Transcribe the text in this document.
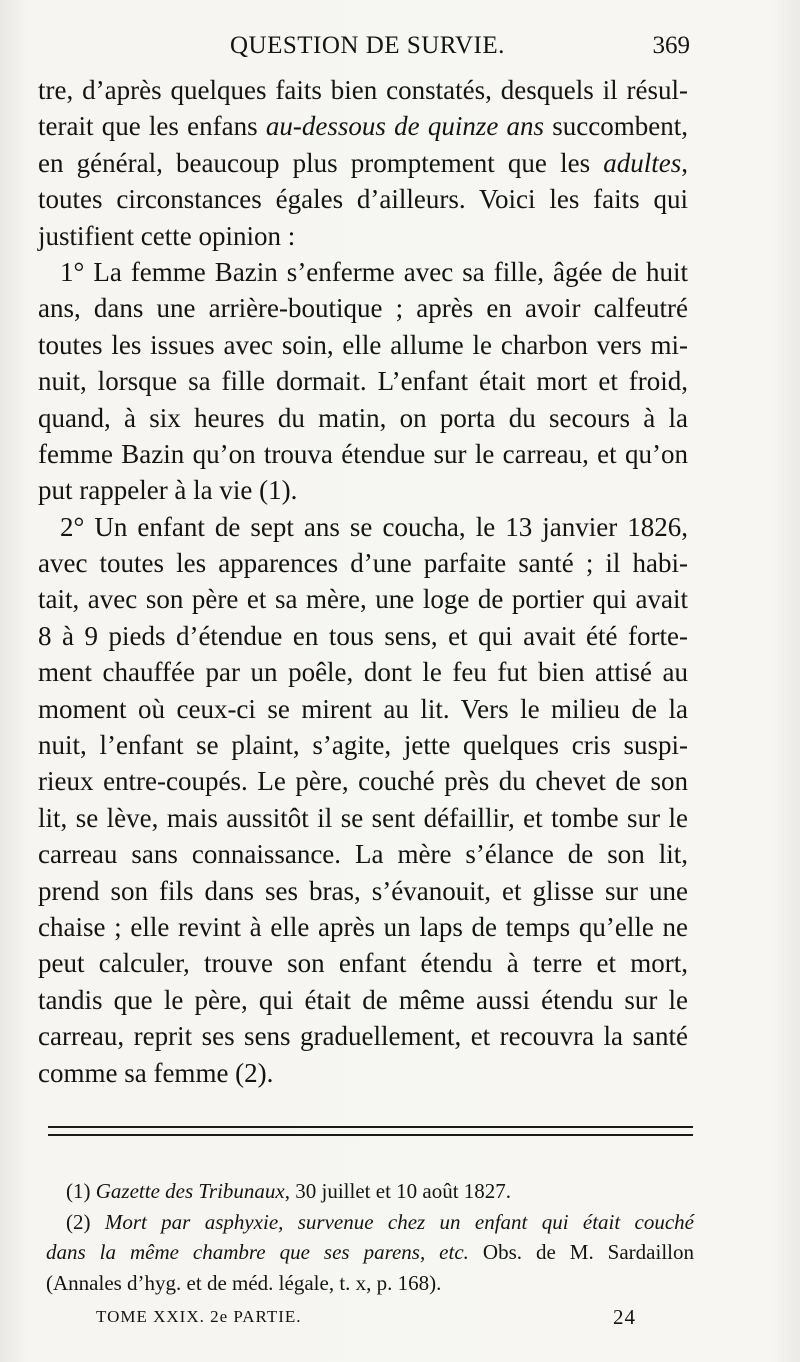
QUESTION DE SURVIE.	369
tre, d’après quelques faits bien constatés, desquels il résul-
terait que les enfans au-dessous de quinze ans succombent,
en général, beaucoup plus promptement que les adultes,
toutes circonstances égales d’ailleurs. Voici les faits qui
justifient cette opinion :
1° La femme Bazin s’enferme avec sa fille, âgée de huit
ans, dans une arrière-boutique ; après en avoir calfeutré
toutes les issues avec soin, elle allume le charbon vers mi-
nuit, lorsque sa fille dormait. L’enfant était mort et froid,
quand, à six heures du matin, on porta du secours à la
femme Bazin qu’on trouva étendue sur le carreau, et qu’on
put rappeler à la vie (1).
2° Un enfant de sept ans se coucha, le 13 janvier 1826,
avec toutes les apparences d’une parfaite santé ; il habi-
tait, avec son père et sa mère, une loge de portier qui avait
8 à 9 pieds d’étendue en tous sens, et qui avait été forte-
ment chauffée par un poêle, dont le feu fut bien attisé au
moment où ceux-ci se mirent au lit. Vers le milieu de la
nuit, l’enfant se plaint, s’agite, jette quelques cris suspi-
rieux entre-coupés. Le père, couché près du chevet de son
lit, se lève, mais aussitôt il se sent défaillir, et tombe sur le
carreau sans connaissance. La mère s’élance de son lit,
prend son fils dans ses bras, s’évanouit, et glisse sur une
chaise ; elle revint à elle après un laps de temps qu’elle ne
peut calculer, trouve son enfant étendu à terre et mort,
tandis que le père, qui était de même aussi étendu sur le
carreau, reprit ses sens graduellement, et recouvra la santé
comme sa femme (2).
(1) Gazette des Tribunaux, 30 juillet et 10 août 1827.
(2) Mort par asphyxie, survenue chez un enfant qui était couché
dans la même chambre que ses parens, etc. Obs. de M. Sardaillon
(Annales d’hyg. et de méd. légale, t. x, p. 168).
TOME XXIX. 2e PARTIE.	24
